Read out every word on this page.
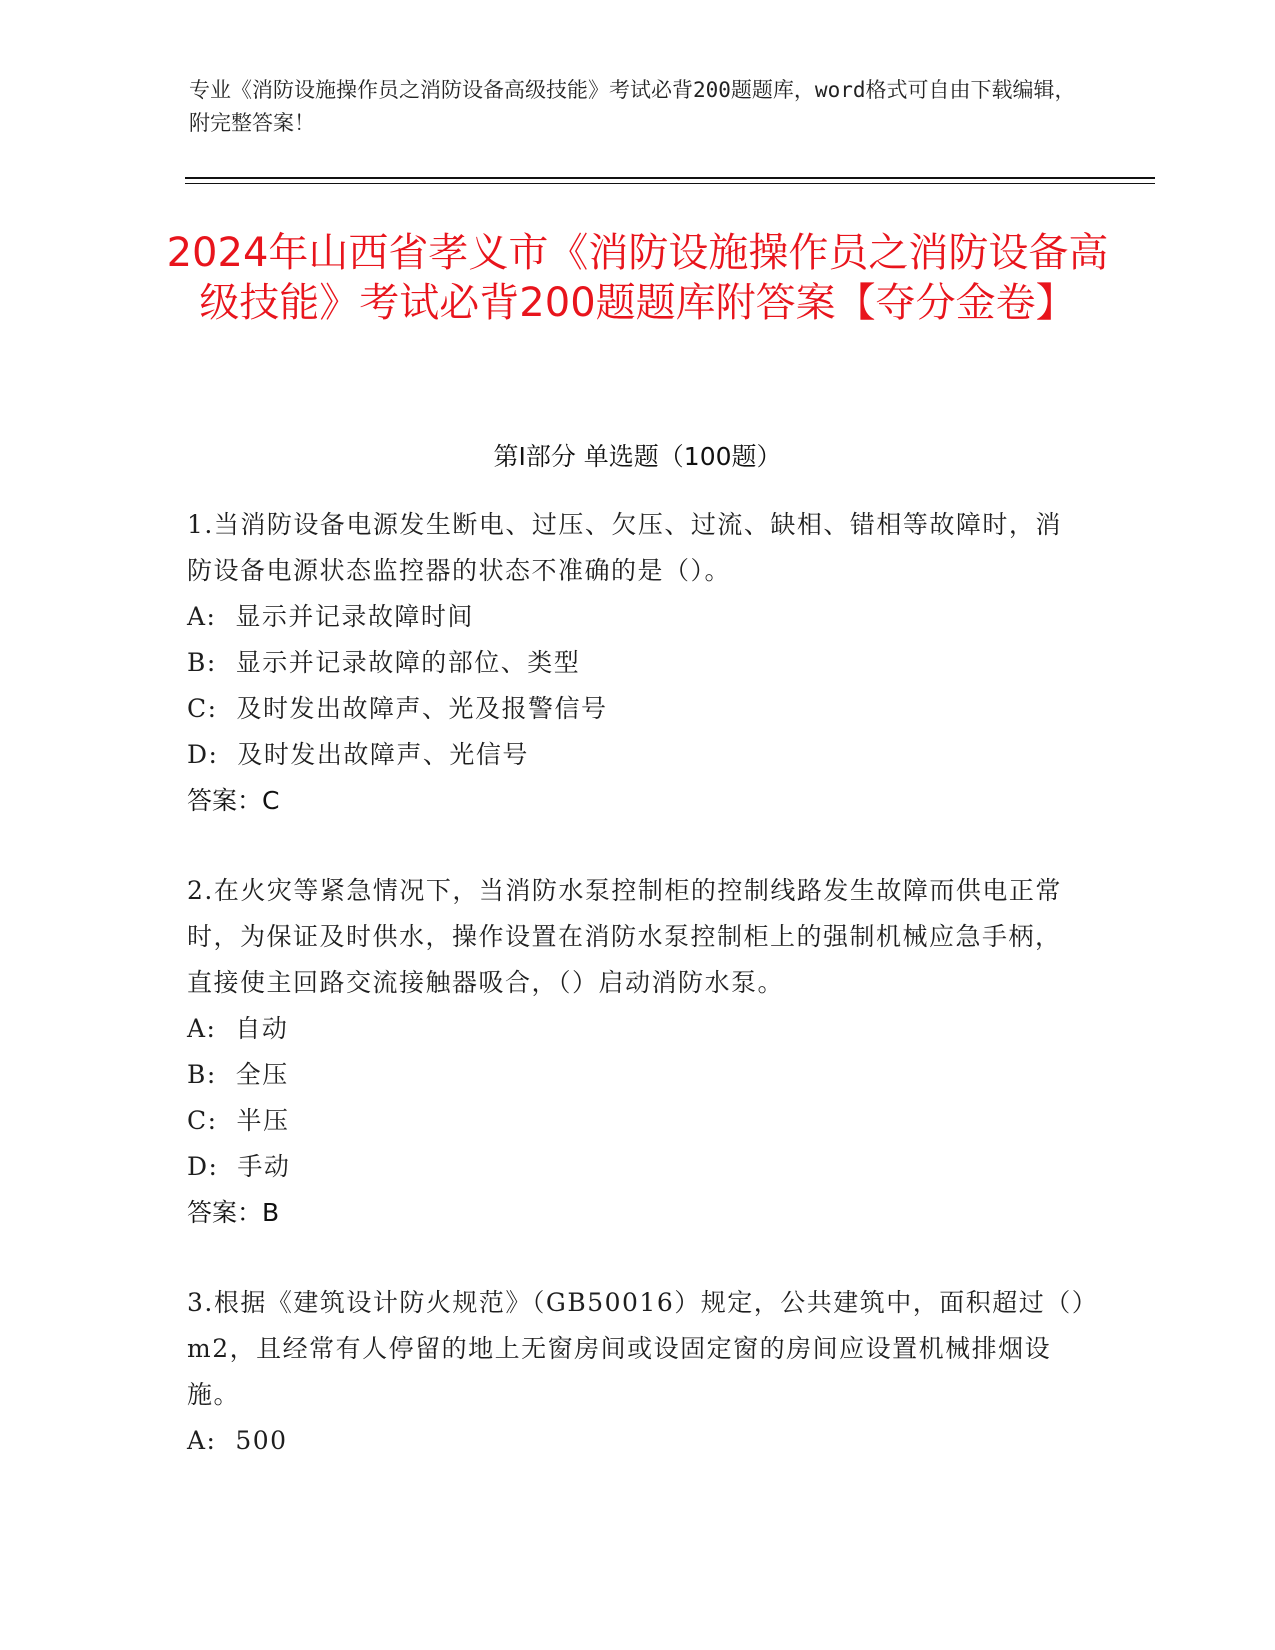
专业《消防设施操作员之消防设备高级技能》考试必背200题题库，word格式可自由下载编辑，附完整答案！
2024年山西省孝义市《消防设施操作员之消防设备高级技能》考试必背200题题库附答案【夺分金卷】
第Ⅰ部分 单选题（100题）
1.当消防设备电源发生断电、过压、欠压、过流、缺相、错相等故障时，消防设备电源状态监控器的状态不准确的是（）。
A:  显示并记录故障时间
B:  显示并记录故障的部位、类型
C:  及时发出故障声、光及报警信号
D:  及时发出故障声、光信号
答案：C
2.在火灾等紧急情况下，当消防水泵控制柜的控制线路发生故障而供电正常时，为保证及时供水，操作设置在消防水泵控制柜上的强制机械应急手柄，直接使主回路交流接触器吸合，（）启动消防水泵。
A:  自动
B:  全压
C:  半压
D:  手动
答案：B
3.根据《建筑设计防火规范》（GB50016）规定，公共建筑中，面积超过（）m2，且经常有人停留的地上无窗房间或设固定窗的房间应设置机械排烟设施。
A:  500
